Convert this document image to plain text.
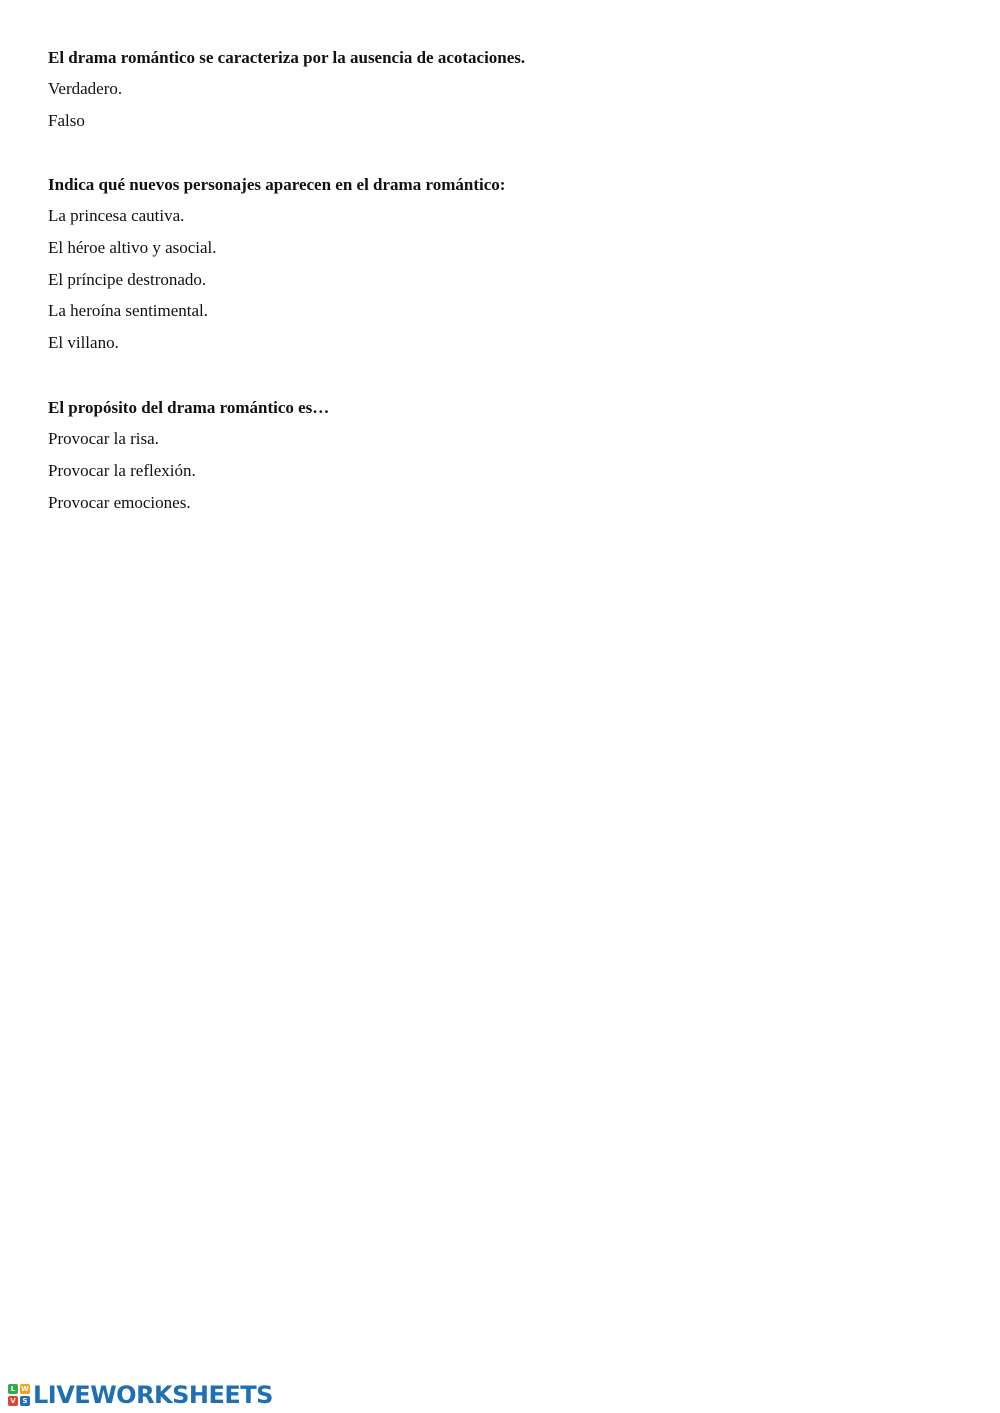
El drama romántico se caracteriza por la ausencia de acotaciones.
Verdadero.
Falso
Indica qué nuevos personajes aparecen en el drama romántico:
La princesa cautiva.
El héroe altivo y asocial.
El príncipe destronado.
La heroína sentimental.
El villano.
El propósito del drama romántico es…
Provocar la risa.
Provocar la reflexión.
Provocar emociones.
L W
V S LIVEWORKSHEETS
